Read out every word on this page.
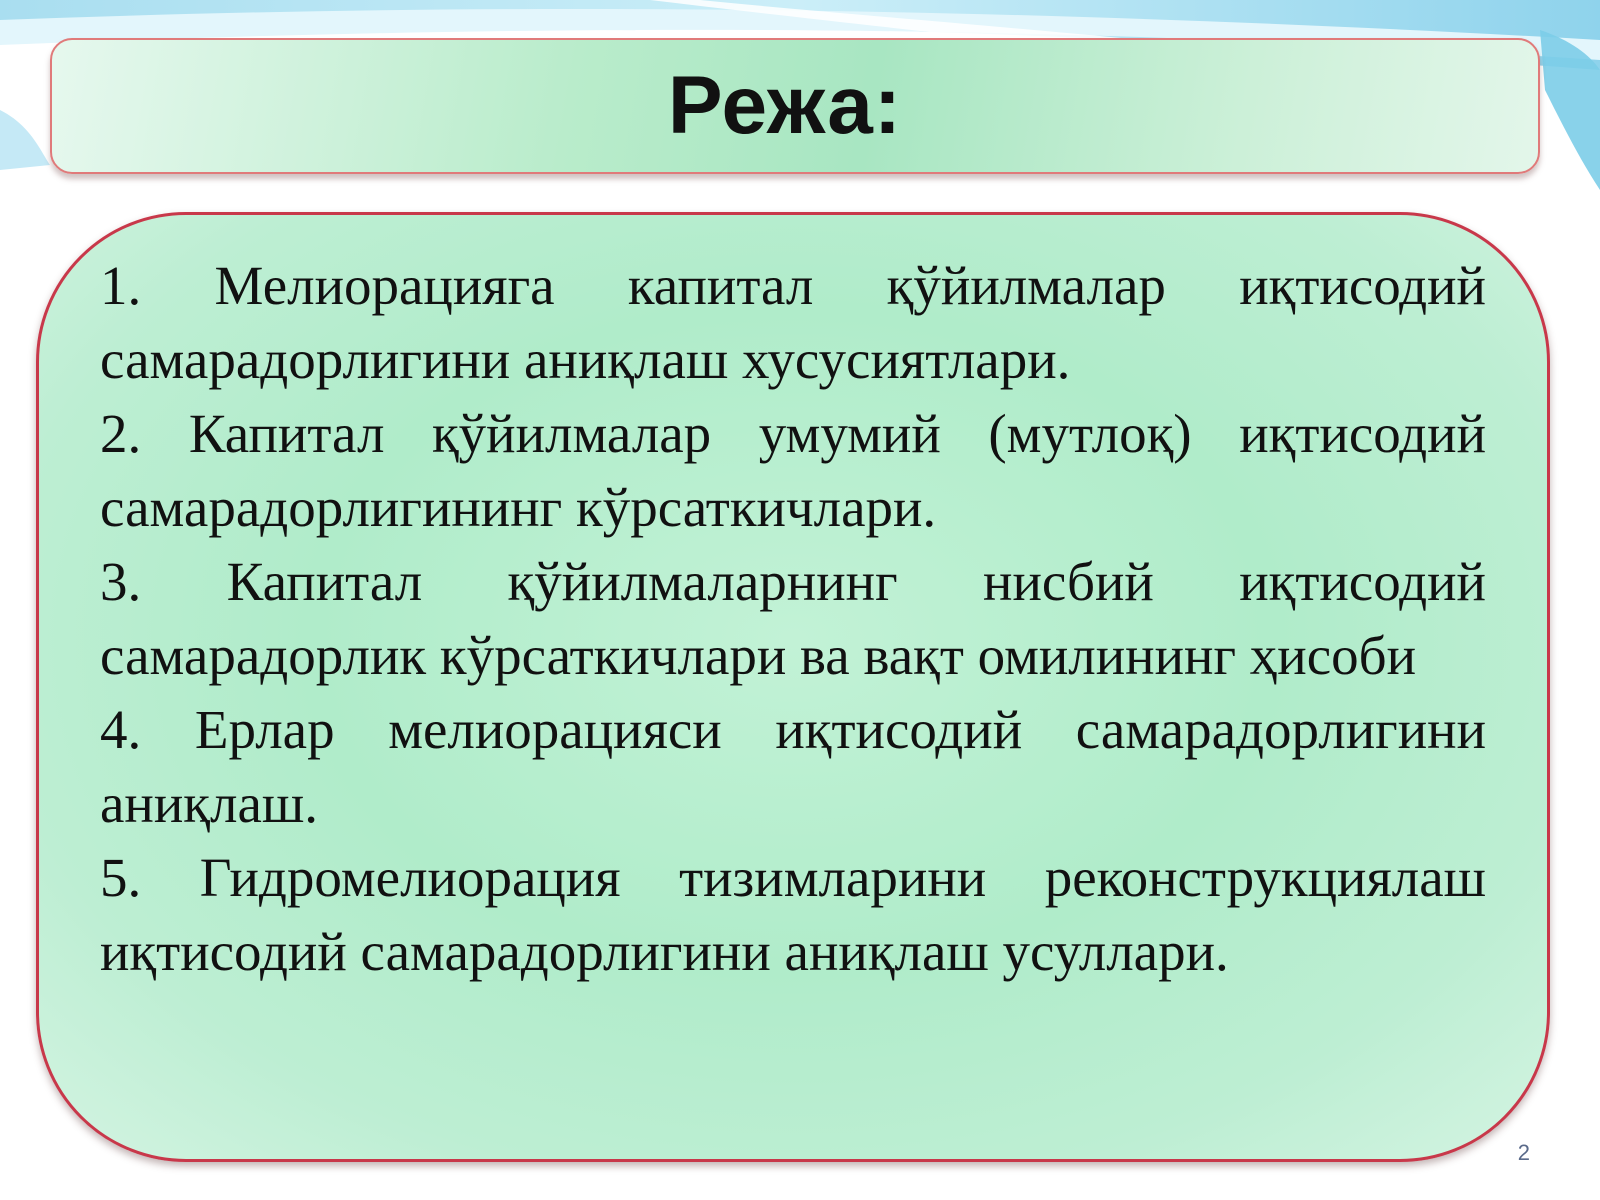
Режа:
1. Мелиорацияга капитал қўйилмалар иқтисодий самарадорлигини аниқлаш хусусиятлари.
2. Капитал қўйилмалар умумий (мутлоқ) иқтисодий самарадорлигининг кўрсаткичлари.
3. Капитал қўйилмаларнинг нисбий иқтисодий самарадорлик кўрсаткичлари ва вақт омилининг ҳисоби
4. Ерлар мелиорацияси иқтисодий самарадорлигини аниқлаш.
5. Гидромелиорация тизимларини реконструкциялаш иқтисодий самарадорлигини аниқлаш усуллари.
2
